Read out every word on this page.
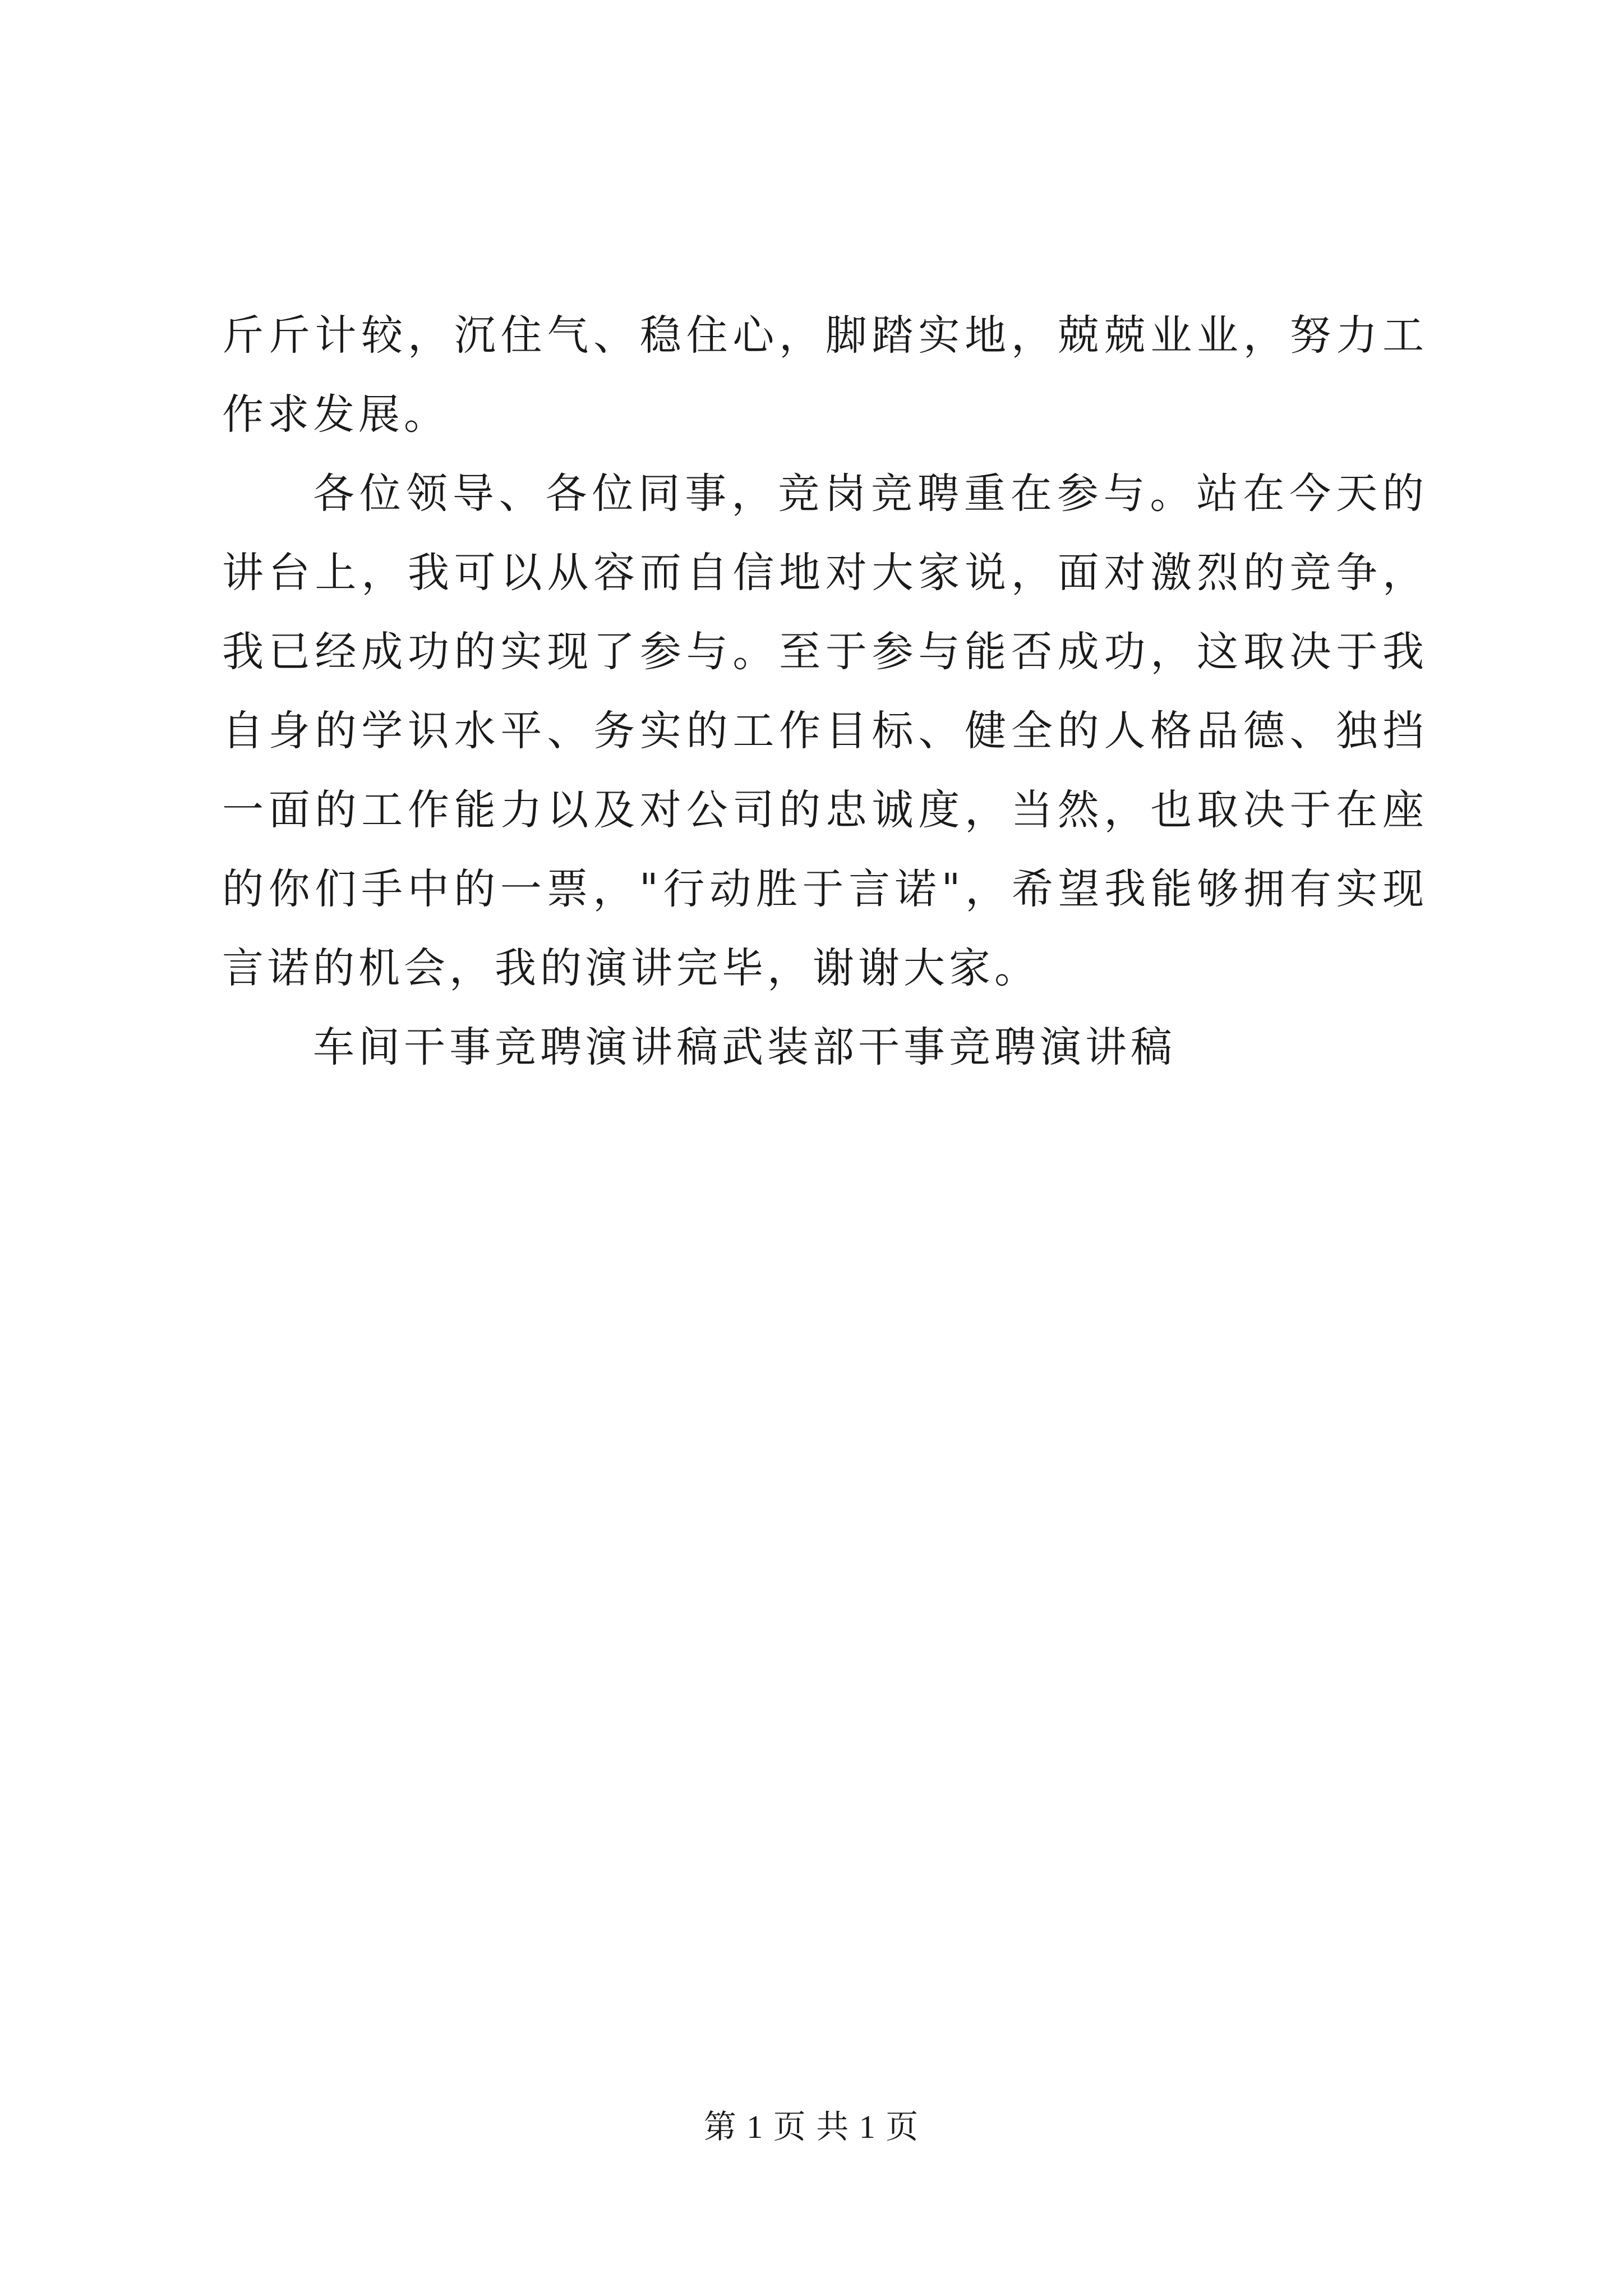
斤斤计较，沉住气、稳住心，脚踏实地，兢兢业业，努力工作求发展。

各位领导、各位同事，竞岗竞聘重在参与。站在今天的讲台上，我可以从容而自信地对大家说，面对激烈的竞争，我已经成功的实现了参与。至于参与能否成功，这取决于我自身的学识水平、务实的工作目标、健全的人格品德、独挡一面的工作能力以及对公司的忠诚度，当然，也取决于在座的你们手中的一票，"行动胜于言诺"，希望我能够拥有实现言诺的机会，我的演讲完毕，谢谢大家。

车间干事竞聘演讲稿武装部干事竞聘演讲稿

第 1 页 共 1 页
